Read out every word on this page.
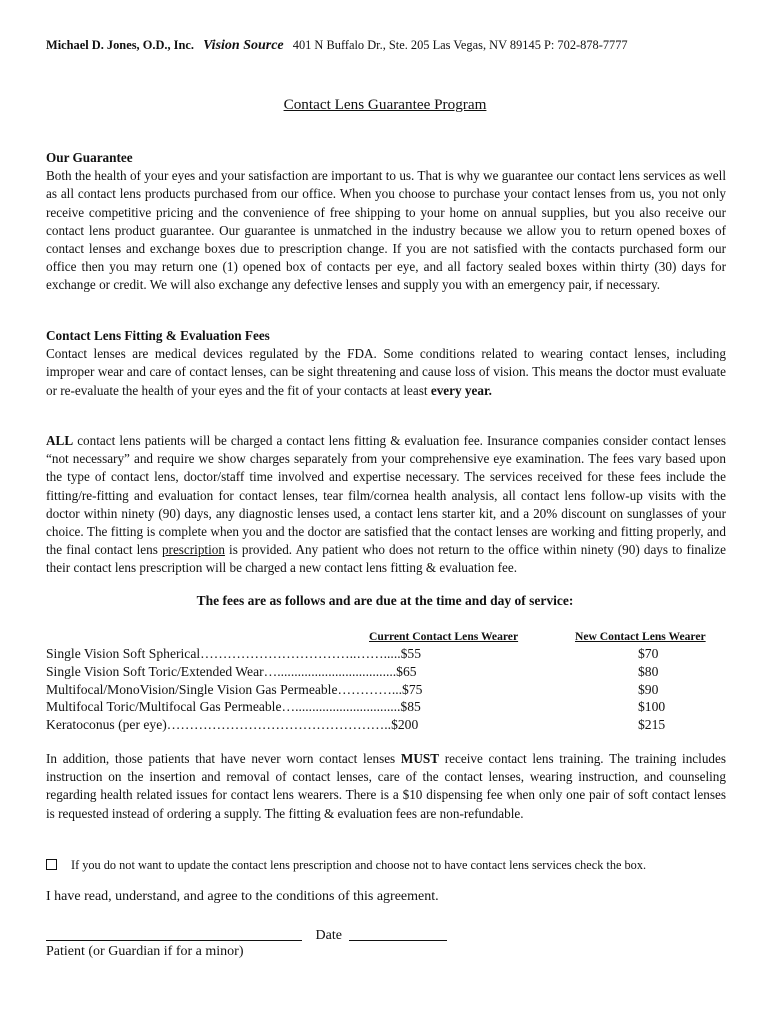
Michael D. Jones, O.D., Inc. Vision Source 401 N Buffalo Dr., Ste. 205 Las Vegas, NV 89145 P: 702-878-7777
Contact Lens Guarantee Program
Our Guarantee
Both the health of your eyes and your satisfaction are important to us. That is why we guarantee our contact lens services as well as all contact lens products purchased from our office. When you choose to purchase your contact lenses from us, you not only receive competitive pricing and the convenience of free shipping to your home on annual supplies, but you also receive our contact lens product guarantee. Our guarantee is unmatched in the industry because we allow you to return opened boxes of contact lenses and exchange boxes due to prescription change. If you are not satisfied with the contacts purchased form our office then you may return one (1) opened box of contacts per eye, and all factory sealed boxes within thirty (30) days for exchange or credit. We will also exchange any defective lenses and supply you with an emergency pair, if necessary.
Contact Lens Fitting & Evaluation Fees
Contact lenses are medical devices regulated by the FDA. Some conditions related to wearing contact lenses, including improper wear and care of contact lenses, can be sight threatening and cause loss of vision. This means the doctor must evaluate or re-evaluate the health of your eyes and the fit of your contacts at least every year.
ALL contact lens patients will be charged a contact lens fitting & evaluation fee. Insurance companies consider contact lenses “not necessary” and require we show charges separately from your comprehensive eye examination. The fees vary based upon the type of contact lens, doctor/staff time involved and expertise necessary. The services received for these fees include the fitting/re-fitting and evaluation for contact lenses, tear film/cornea health analysis, all contact lens follow-up visits with the doctor within ninety (90) days, any diagnostic lenses used, a contact lens starter kit, and a 20% discount on sunglasses of your choice. The fitting is complete when you and the doctor are satisfied that the contact lenses are working and fitting properly, and the final contact lens prescription is provided. Any patient who does not return to the office within ninety (90) days to finalize their contact lens prescription will be charged a new contact lens fitting & evaluation fee.
The fees are as follows and are due at the time and day of service:
Current Contact Lens Wearer	New Contact Lens Wearer
Single Vision Soft Spherical……………………………..…….....$55	$70
Single Vision Soft Toric/Extended Wear…...................................$65	$80
Multifocal/MonoVision/Single Vision Gas Permeable…………...$75	$90
Multifocal Toric/Multifocal Gas Permeable…...............................$85	$100
Keratoconus (per eye)…………………………………………..$200	$215
In addition, those patients that have never worn contact lenses MUST receive contact lens training. The training includes instruction on the insertion and removal of contact lenses, care of the contact lenses, wearing instruction, and counseling regarding health related issues for contact lens wearers. There is a $10 dispensing fee when only one pair of soft contact lenses is requested instead of ordering a supply. The fitting & evaluation fees are non-refundable.
If you do not want to update the contact lens prescription and choose not to have contact lens services check the box.
I have read, understand, and agree to the conditions of this agreement.
Date
Patient (or Guardian if for a minor)
